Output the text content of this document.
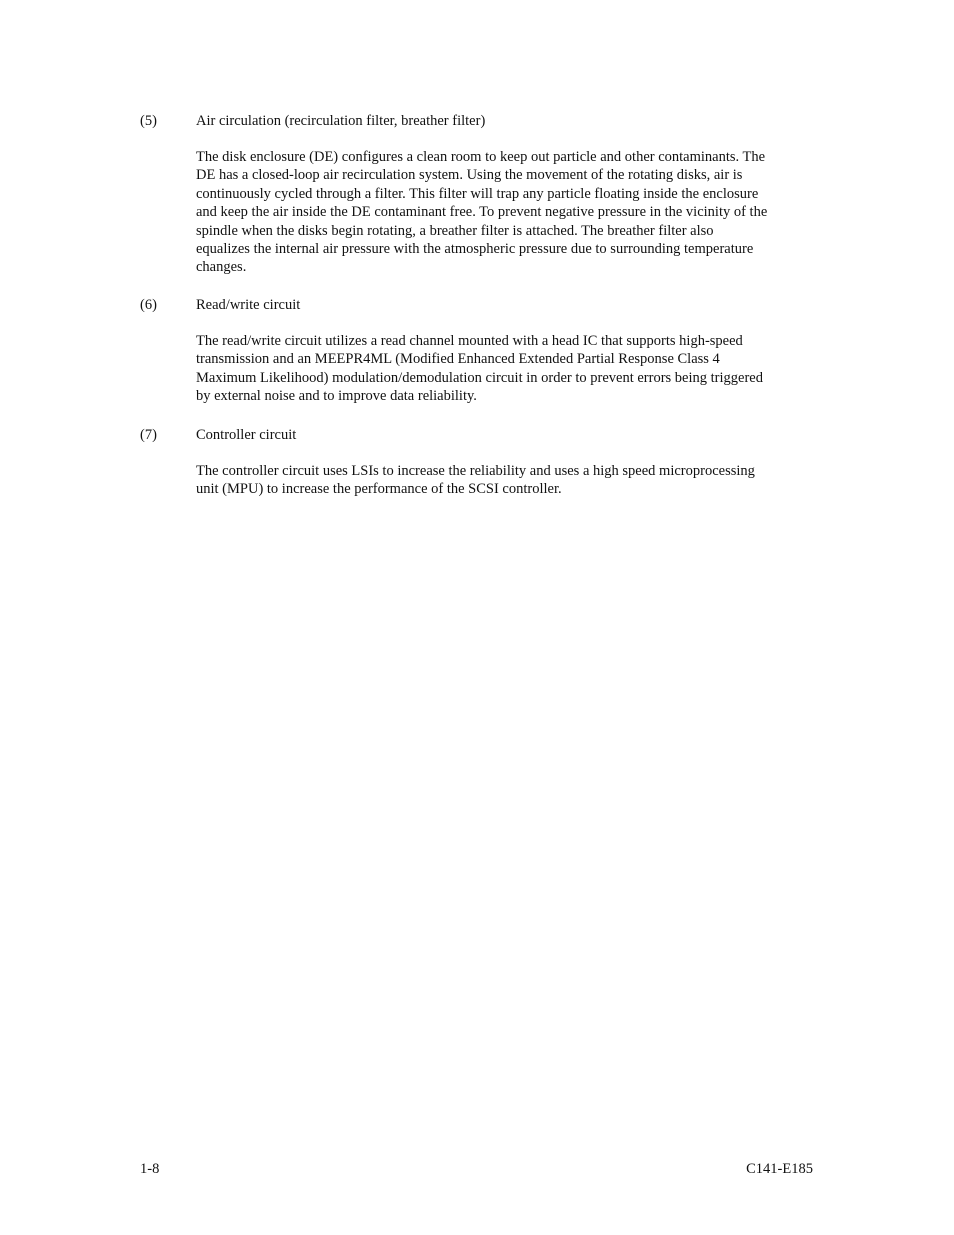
(5)	Air circulation (recirculation filter, breather filter)
The disk enclosure (DE) configures a clean room to keep out particle and other contaminants. The
DE has a closed-loop air recirculation system. Using the movement of the rotating disks, air is
continuously cycled through a filter. This filter will trap any particle floating inside the enclosure
and keep the air inside the DE contaminant free. To prevent negative pressure in the vicinity of the
spindle when the disks begin rotating, a breather filter is attached. The breather filter also
equalizes the internal air pressure with the atmospheric pressure due to surrounding temperature
changes.
(6)	Read/write circuit
The read/write circuit utilizes a read channel mounted with a head IC that supports high-speed
transmission and an MEEPR4ML (Modified Enhanced Extended Partial Response Class 4
Maximum Likelihood) modulation/demodulation circuit in order to prevent errors being triggered
by external noise and to improve data reliability.
(7)	Controller circuit
The controller circuit uses LSIs to increase the reliability and uses a high speed microprocessing
unit (MPU) to increase the performance of the SCSI controller.
1-8	C141-E185
